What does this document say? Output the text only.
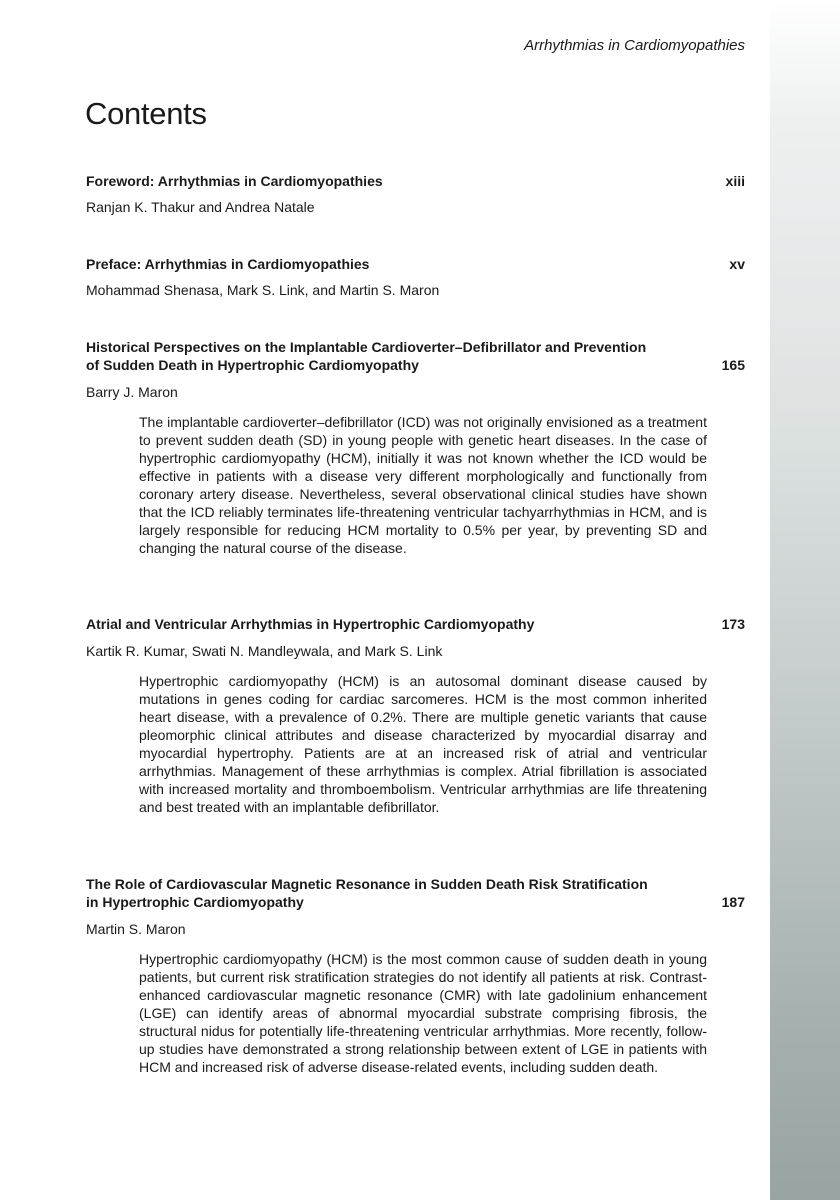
Arrhythmias in Cardiomyopathies
Contents
Foreword: Arrhythmias in Cardiomyopathies	xiii
Ranjan K. Thakur and Andrea Natale
Preface: Arrhythmias in Cardiomyopathies	xv
Mohammad Shenasa, Mark S. Link, and Martin S. Maron
Historical Perspectives on the Implantable Cardioverter–Defibrillator and Prevention
of Sudden Death in Hypertrophic Cardiomyopathy	165
Barry J. Maron
The implantable cardioverter–defibrillator (ICD) was not originally envisioned as a treatment to prevent sudden death (SD) in young people with genetic heart diseases. In the case of hypertrophic cardiomyopathy (HCM), initially it was not known whether the ICD would be effective in patients with a disease very different morphologically and functionally from coronary artery disease. Nevertheless, several observational clinical studies have shown that the ICD reliably terminates life-threatening ventricular tachyarrhythmias in HCM, and is largely responsible for reducing HCM mortality to 0.5% per year, by preventing SD and changing the natural course of the disease.
Atrial and Ventricular Arrhythmias in Hypertrophic Cardiomyopathy	173
Kartik R. Kumar, Swati N. Mandleywala, and Mark S. Link
Hypertrophic cardiomyopathy (HCM) is an autosomal dominant disease caused by mutations in genes coding for cardiac sarcomeres. HCM is the most common inherited heart disease, with a prevalence of 0.2%. There are multiple genetic variants that cause pleomorphic clinical attributes and disease characterized by myocardial disarray and myocardial hypertrophy. Patients are at an increased risk of atrial and ventricular arrhythmias. Management of these arrhythmias is complex. Atrial fibrillation is associated with increased mortality and thromboembolism. Ventricular arrhythmias are life threatening and best treated with an implantable defibrillator.
The Role of Cardiovascular Magnetic Resonance in Sudden Death Risk Stratification
in Hypertrophic Cardiomyopathy	187
Martin S. Maron
Hypertrophic cardiomyopathy (HCM) is the most common cause of sudden death in young patients, but current risk stratification strategies do not identify all patients at risk. Contrast-enhanced cardiovascular magnetic resonance (CMR) with late gadolinium enhancement (LGE) can identify areas of abnormal myocardial substrate comprising fibrosis, the structural nidus for potentially life-threatening ventricular arrhythmias. More recently, follow-up studies have demonstrated a strong relationship between extent of LGE in patients with HCM and increased risk of adverse disease-related events, including sudden death.
